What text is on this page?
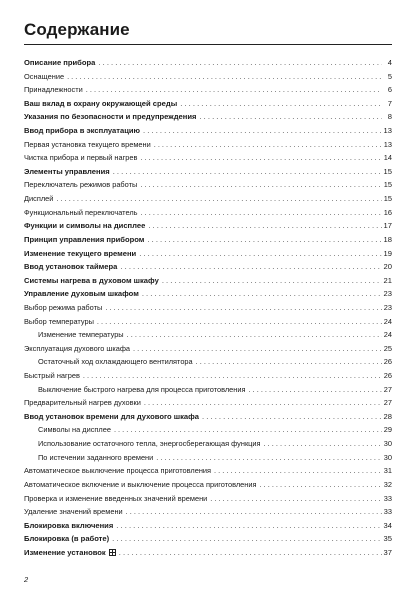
Содержание
Описание прибора . . .	4
Оснащение . . .	5
Принадлежности . . .	6
Ваш вклад в охрану окружающей среды . . .	7
Указания по безопасности и предупреждения . . .	8
Ввод прибора в эксплуатацию . . .	13
Первая установка текущего времени . . .	13
Чистка прибора и первый нагрев . . .	14
Элементы управления . . .	15
Переключатель режимов работы . . .	15
Дисплей . . .	15
Функциональный переключатель . . .	16
Функции и символы на дисплее . . .	17
Принцип управления прибором . . .	18
Изменение текущего времени . . .	19
Ввод установок таймера . . .	20
Системы нагрева в духовом шкафу . . .	21
Управление духовым шкафом . . .	23
Выбор режима работы . . .	23
Выбор температуры . . .	24
Изменение температуры . . .	24
Эксплуатация духового шкафа . . .	25
Остаточный ход охлаждающего вентилятора . . .	26
Быстрый нагрев . . .	26
Выключение быстрого нагрева для процесса приготовления . . .	27
Предварительный нагрев духовки . . .	27
Ввод установок времени для духового шкафа . . .	28
Символы на дисплее . . .	29
Использование остаточного тепла, энергосберегающая функция . . .	30
По истечении заданного времени . . .	30
Автоматическое выключение процесса приготовления . . .	31
Автоматическое включение и выключение процесса приготовления . . .	32
Проверка и изменение введенных значений времени . . .	33
Удаление значений времени . . .	33
Блокировка включения . . .	34
Блокировка (в работе) . . .	35
Изменение установок . . .	37
2
